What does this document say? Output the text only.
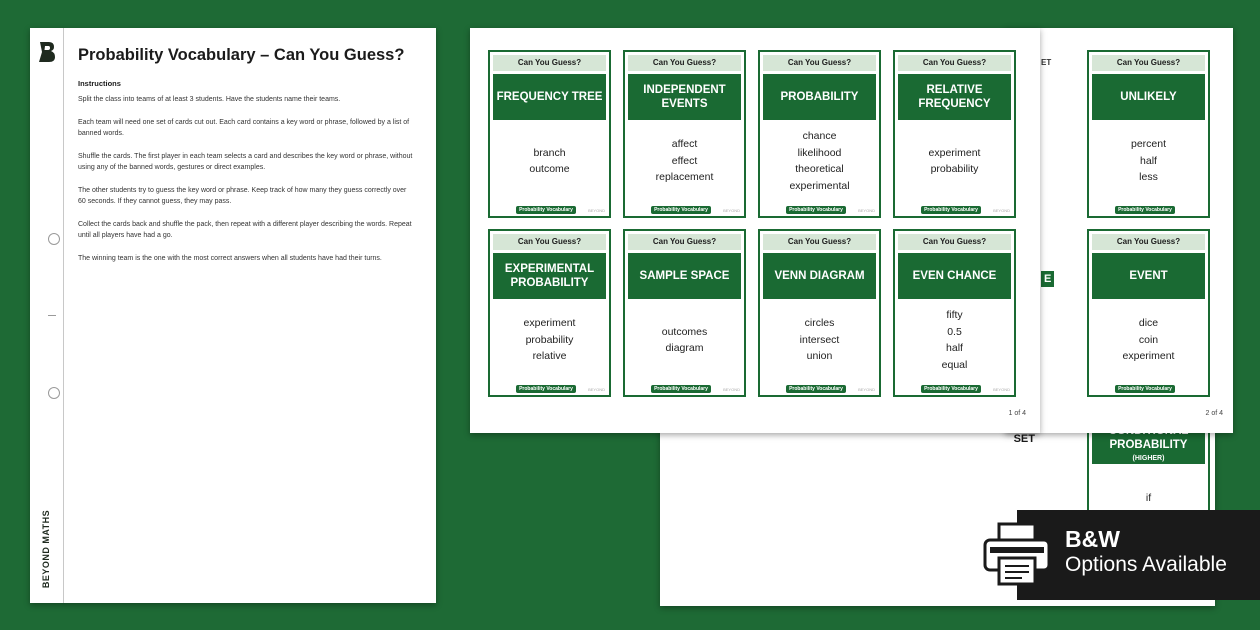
SET	PROBABILITY
(HIGHER)
if
Can You Guess?
UNLIKELY
percent
half
less
Probability Vocabulary
Can You Guess?
EVENT
dice
coin
experiment
Probability Vocabulary
2 of 4
ET
E
Can You Guess?
FREQUENCY TREE
branch
outcome
Probability Vocabulary	BEYOND
Can You Guess?
INDEPENDENT EVENTS
affect
effect
replacement
Probability Vocabulary	BEYOND
Can You Guess?
PROBABILITY
chance
likelihood
theoretical
experimental
Probability Vocabulary	BEYOND
Can You Guess?
RELATIVE FREQUENCY
experiment
probability
Probability Vocabulary	BEYOND
Can You Guess?
EXPERIMENTAL PROBABILITY
experiment
probability
relative
Probability Vocabulary	BEYOND
Can You Guess?
SAMPLE SPACE
outcomes
diagram
Probability Vocabulary	BEYOND
Can You Guess?
VENN DIAGRAM
circles
intersect
union
Probability Vocabulary	BEYOND
Can You Guess?
EVEN CHANCE
fifty
0.5
half
equal
Probability Vocabulary	BEYOND
1 of 4
BEYOND MATHS
Probability Vocabulary – Can You Guess?
Instructions

Split the class into teams of at least 3 students. Have the students name their teams.

Each team will need one set of cards cut out. Each card contains a key word or phrase, followed by a list of banned words.

Shuffle the cards. The first player in each team selects a card and describes the key word or phrase, without using any of the banned words, gestures or direct examples.

The other students try to guess the key word or phrase. Keep track of how many they guess correctly over 60 seconds. If they cannot guess, they may pass.

Collect the cards back and shuffle the pack, then repeat with a different player describing the words. Repeat until all players have had a go.

The winning team is the one with the most correct answers when all students have had their turns.

B&W
Options Available
